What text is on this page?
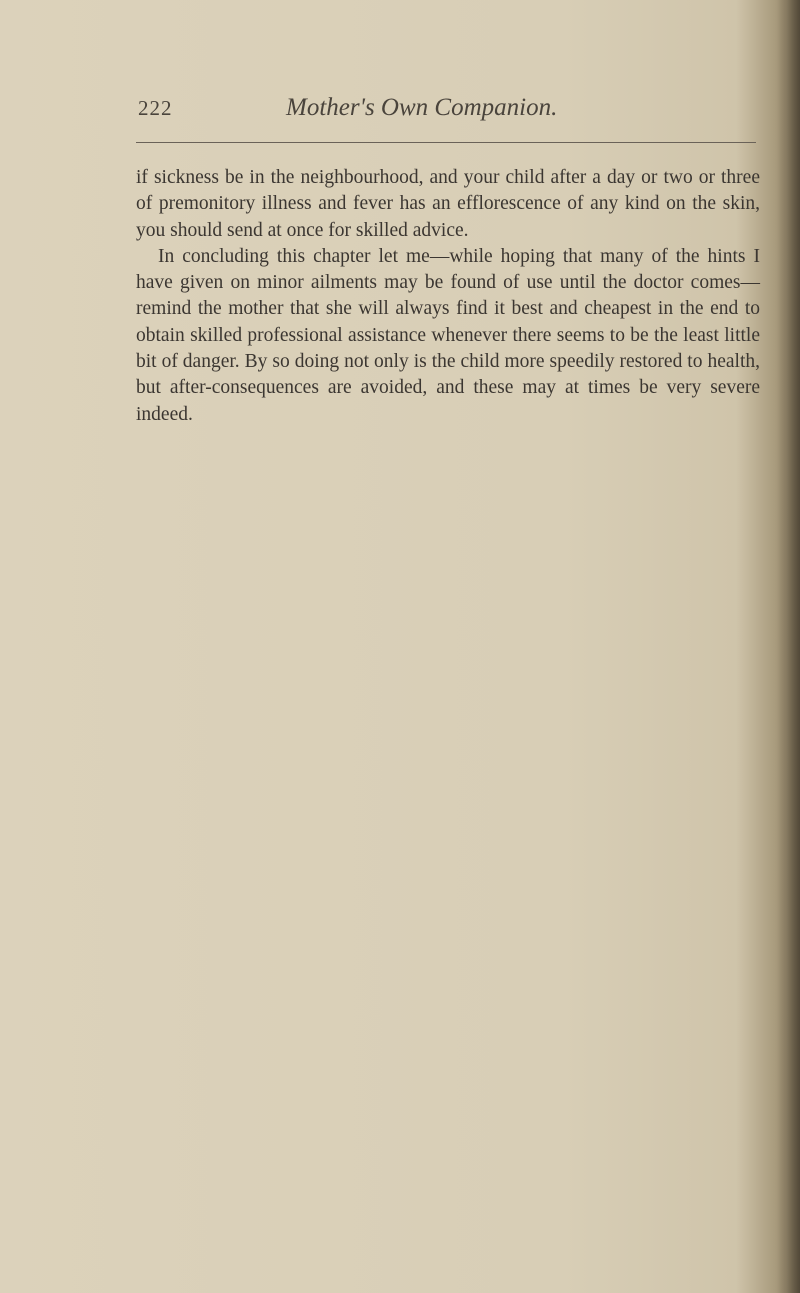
222	Mother's Own Companion.

if sickness be in the neighbourhood, and your child after a day or two or three of premonitory illness and fever has an efflorescence of any kind on the skin, you should send at once for skilled advice.

In concluding this chapter let me—while hoping that many of the hints I have given on minor ailments may be found of use until the doctor comes—remind the mother that she will always find it best and cheapest in the end to obtain skilled professional assistance whenever there seems to be the least little bit of danger. By so doing not only is the child more speedily restored to health, but after-consequences are avoided, and these may at times be very severe indeed.
